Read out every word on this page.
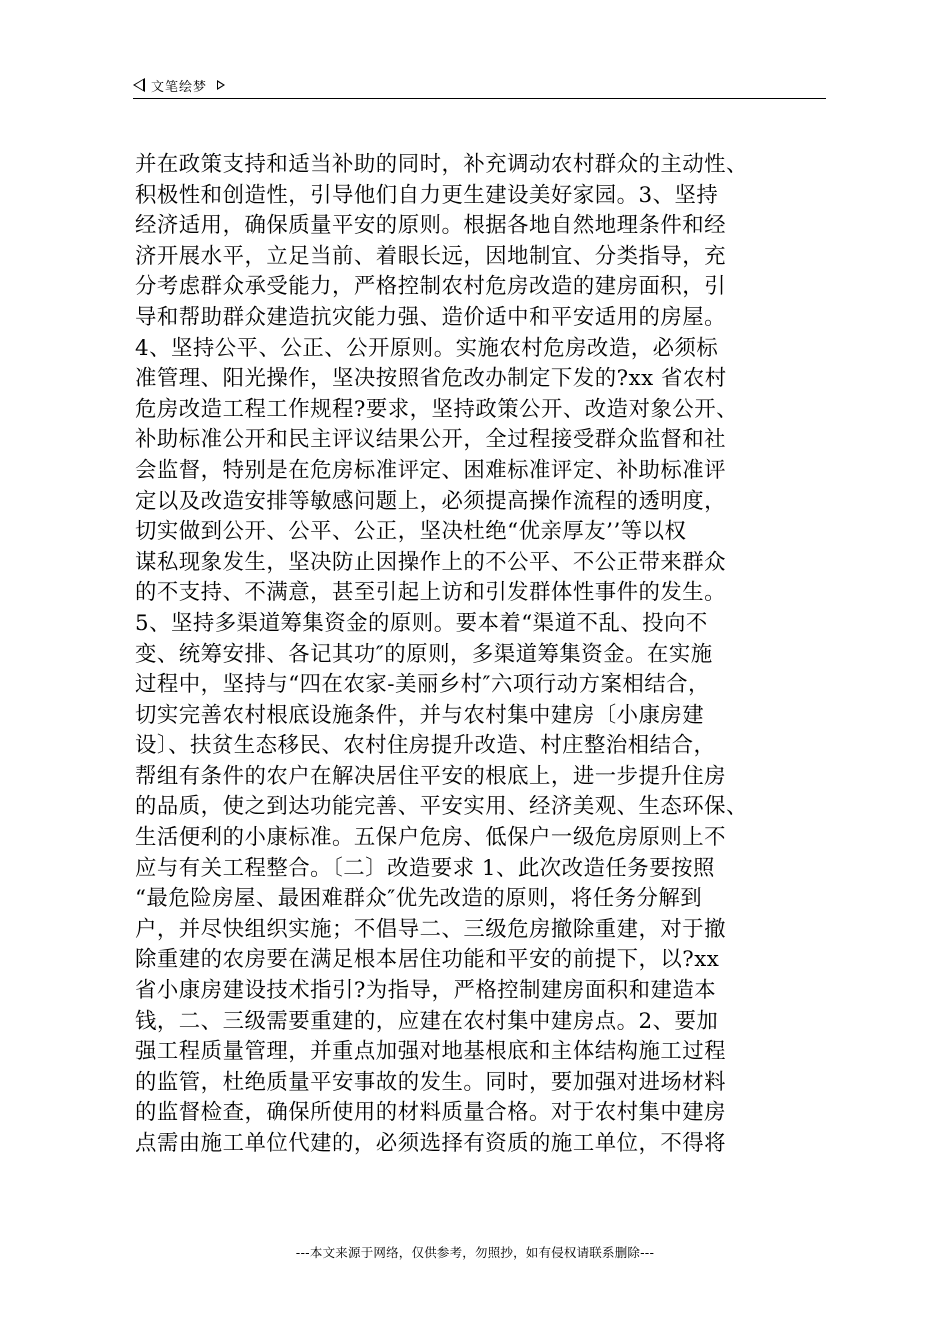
文笔绘梦
并在政策支持和适当补助的同时，补充调动农村群众的主动性、
积极性和创造性，引导他们自力更生建设美好家园。3、坚持
经济适用，确保质量平安的原则。根据各地自然地理条件和经
济开展水平，立足当前、着眼长远，因地制宜、分类指导，充
分考虑群众承受能力，严格控制农村危房改造的建房面积，引
导和帮助群众建造抗灾能力强、造价适中和平安适用的房屋。
4、坚持公平、公正、公开原则。实施农村危房改造，必须标
准管理、阳光操作，坚决按照省危改办制定下发的?xx 省农村
危房改造工程工作规程?要求，坚持政策公开、改造对象公开、
补助标准公开和民主评议结果公开，全过程接受群众监督和社
会监督，特别是在危房标准评定、困难标准评定、补助标准评
定以及改造安排等敏感问题上，必须提高操作流程的透明度，
切实做到公开、公平、公正，坚决杜绝“优亲厚友’’等以权
谋私现象发生，坚决防止因操作上的不公平、不公正带来群众
的不支持、不满意，甚至引起上访和引发群体性事件的发生。
5、坚持多渠道筹集资金的原则。要本着“渠道不乱、投向不
变、统筹安排、各记其功″的原则，多渠道筹集资金。在实施
过程中，坚持与“四在农家-美丽乡村″六项行动方案相结合，
切实完善农村根底设施条件，并与农村集中建房〔小康房建
设〕、扶贫生态移民、农村住房提升改造、村庄整治相结合，
帮组有条件的农户在解决居住平安的根底上，进一步提升住房
的品质，使之到达功能完善、平安实用、经济美观、生态环保、
生活便利的小康标准。五保户危房、低保户一级危房原则上不
应与有关工程整合。〔二〕改造要求 1、此次改造任务要按照
“最危险房屋、最困难群众″优先改造的原则，将任务分解到
户，并尽快组织实施；不倡导二、三级危房撤除重建，对于撤
除重建的农房要在满足根本居住功能和平安的前提下，以?xx
省小康房建设技术指引?为指导，严格控制建房面积和建造本
钱，二、三级需要重建的，应建在农村集中建房点。2、要加
强工程质量管理，并重点加强对地基根底和主体结构施工过程
的监管，杜绝质量平安事故的发生。同时，要加强对进场材料
的监督检查，确保所使用的材料质量合格。对于农村集中建房
点需由施工单位代建的，必须选择有资质的施工单位，不得将
---本文来源于网络，仅供参考，勿照抄，如有侵权请联系删除---
